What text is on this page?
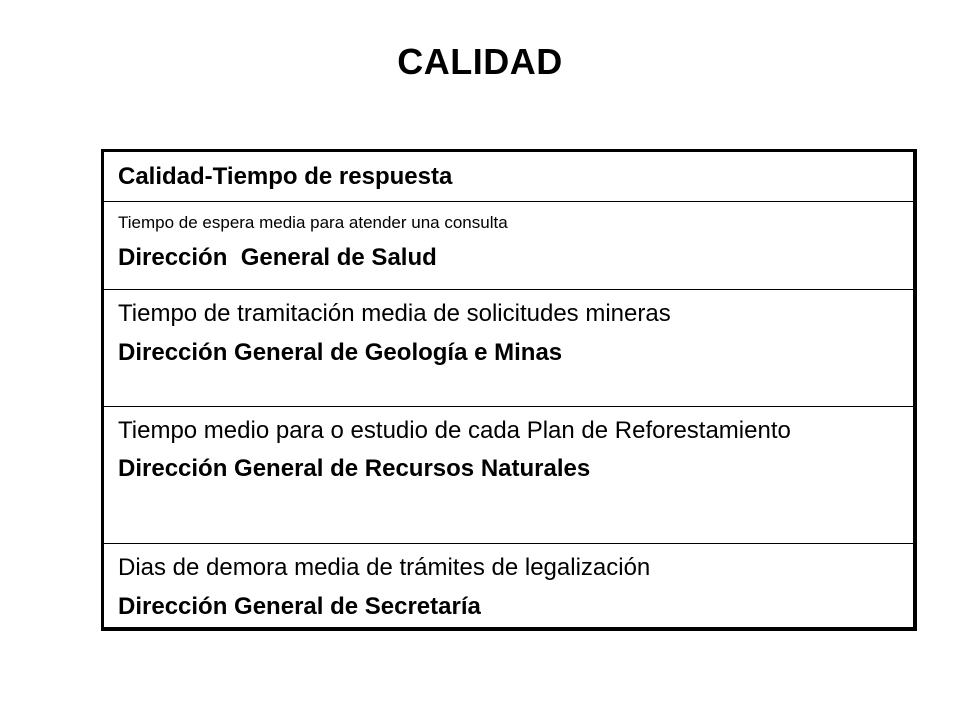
CALIDAD
Calidad-Tiempo de respuesta
Tiempo de espera media para atender una consulta
Dirección  General de Salud
Tiempo de tramitación media de solicitudes mineras
Dirección General de Geología e Minas
Tiempo medio para o estudio de cada Plan de Reforestamiento
Dirección General de Recursos Naturales
Dias de demora media de trámites de legalización
Dirección General de Secretaría
